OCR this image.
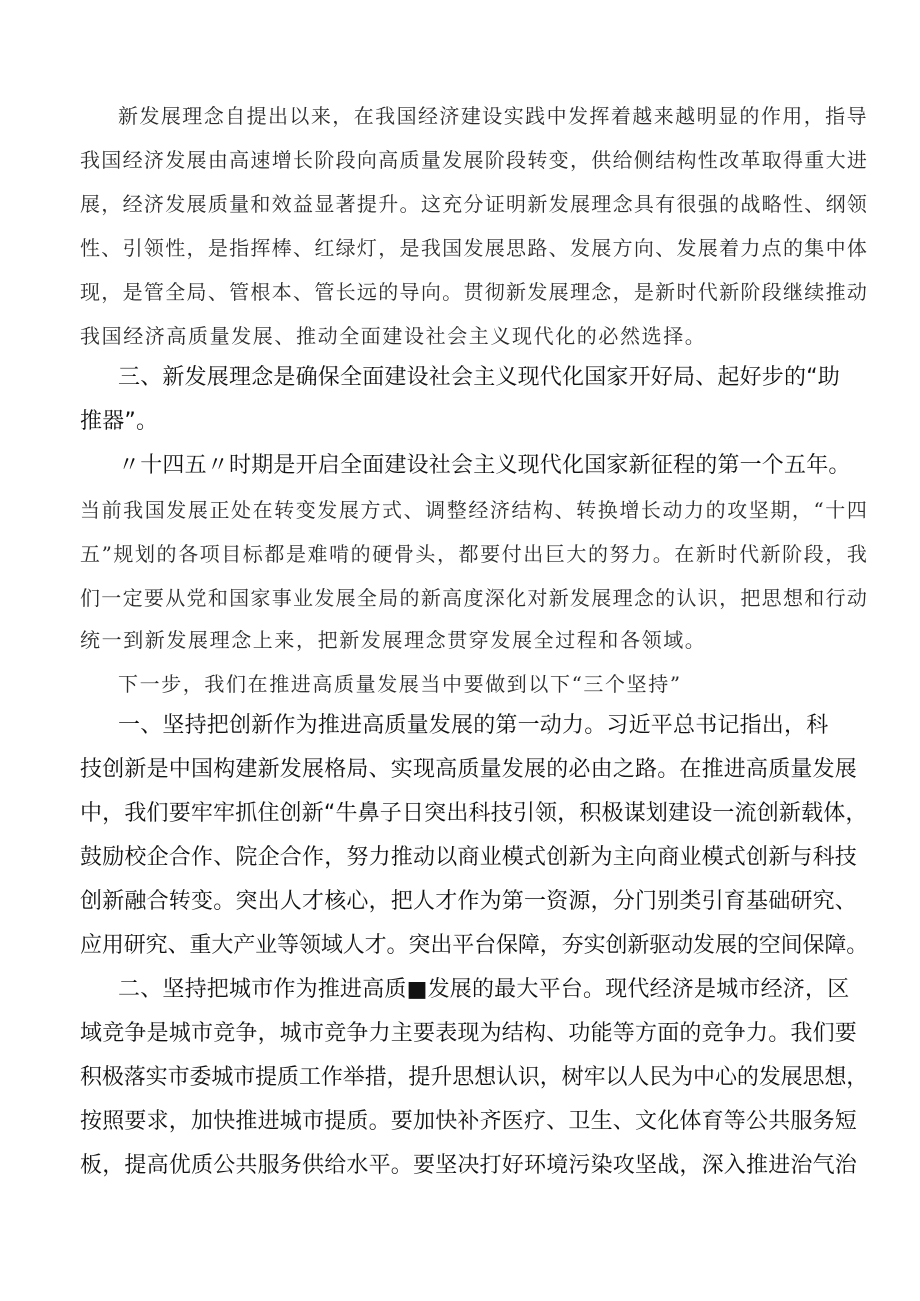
新发展理念自提出以来，在我国经济建设实践中发挥着越来越明显的作用，指导

我国经济发展由高速增长阶段向高质量发展阶段转变，供给侧结构性改革取得重大进

展，经济发展质量和效益显著提升。这充分证明新发展理念具有很强的战略性、纲领

性、引领性，是指挥棒、红绿灯，是我国发展思路、发展方向、发展着力点的集中体

现，是管全局、管根本、管长远的导向。贯彻新发展理念，是新时代新阶段继续推动

我国经济高质量发展、推动全面建设社会主义现代化的必然选择。

三、新发展理念是确保全面建设社会主义现代化国家开好局、起好步的“助

推器”。

〃十四五〃时期是开启全面建设社会主义现代化国家新征程的第一个五年。

当前我国发展正处在转变发展方式、调整经济结构、转换增长动力的攻坚期，“十四

五”规划的各项目标都是难啃的硬骨头，都要付出巨大的努力。在新时代新阶段，我

们一定要从党和国家事业发展全局的新高度深化对新发展理念的认识，把思想和行动

统一到新发展理念上来，把新发展理念贯穿发展全过程和各领域。

下一步，我们在推进高质量发展当中要做到以下“三个坚持”

一、坚持把创新作为推进高质量发展的第一动力。习近平总书记指出，科

技创新是中国构建新发展格局、实现高质量发展的必由之路。在推进高质量发展

中，我们要牢牢抓住创新“牛鼻子日突出科技引领，积极谋划建设一流创新载体，

鼓励校企合作、院企合作，努力推动以商业模式创新为主向商业模式创新与科技

创新融合转变。突出人才核心，把人才作为第一资源，分门别类引育基础研究、

应用研究、重大产业等领域人才。突出平台保障，夯实创新驱动发展的空间保障。

二、坚持把城市作为推进高质■发展的最大平台。现代经济是城市经济，区

域竞争是城市竞争，城市竞争力主要表现为结构、功能等方面的竞争力。我们要

积极落实市委城市提质工作举措，提升思想认识，树牢以人民为中心的发展思想，

按照要求，加快推进城市提质。要加快补齐医疗、卫生、文化体育等公共服务短

板，提高优质公共服务供给水平。要坚决打好环境污染攻坚战，深入推进治气治
